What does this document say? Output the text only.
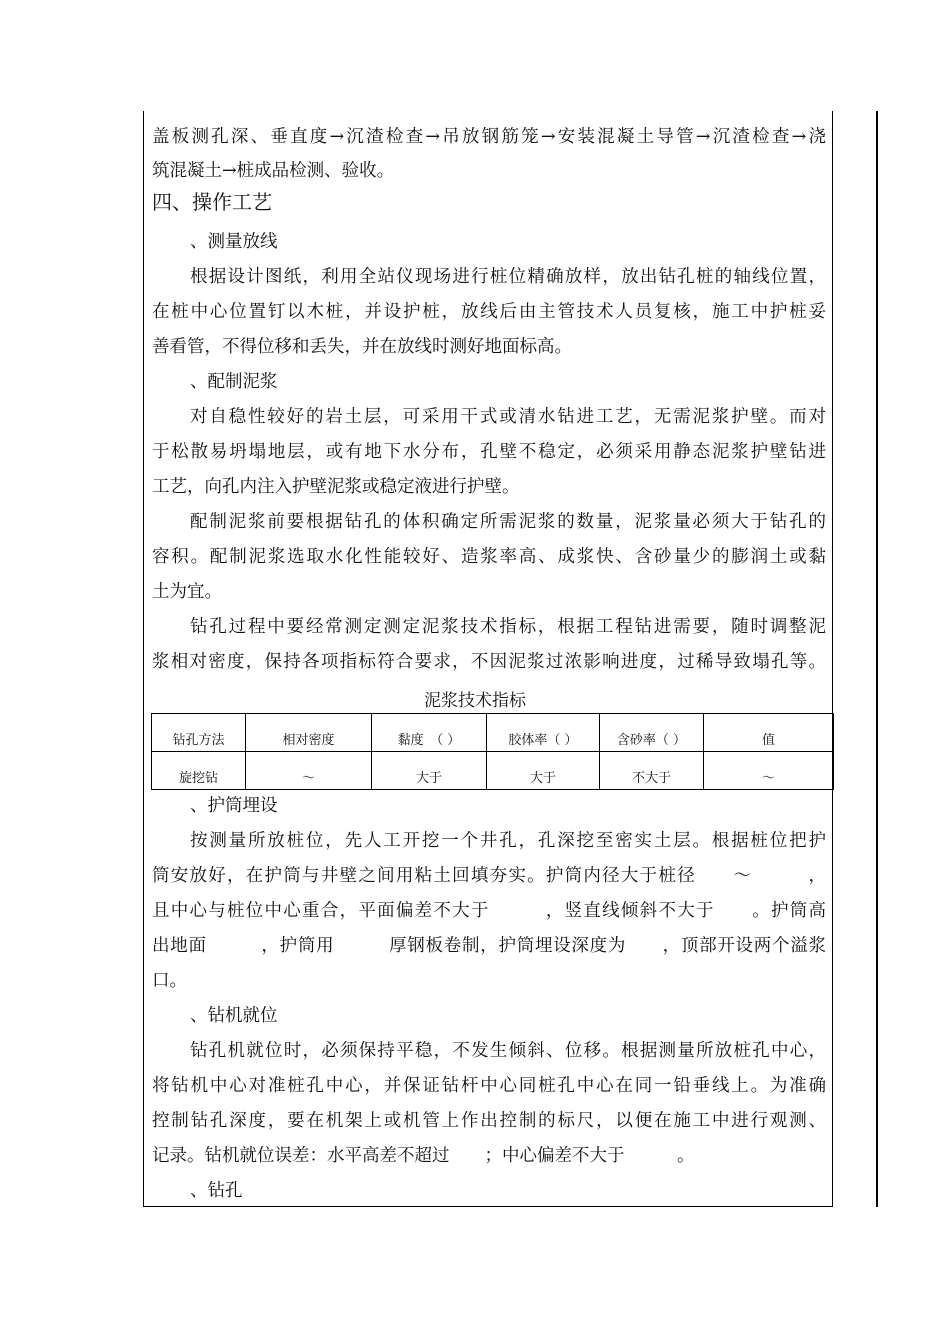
盖板测孔深、垂直度→沉渣检查→吊放钢筋笼→安装混凝土导管→沉渣检查→浇
筑混凝土→桩成品检测、验收。
四、操作工艺
、测量放线
根据设计图纸，利用全站仪现场进行桩位精确放样，放出钻孔桩的轴线位置，
在桩中心位置钉以木桩，并设护桩，放线后由主管技术人员复核，施工中护桩妥
善看管，不得位移和丢失，并在放线时测好地面标高。
、配制泥浆
对自稳性较好的岩土层，可采用干式或清水钻进工艺，无需泥浆护壁。而对
于松散易坍塌地层，或有地下水分布，孔壁不稳定，必须采用静态泥浆护壁钻进
工艺，向孔内注入护壁泥浆或稳定液进行护壁。
配制泥浆前要根据钻孔的体积确定所需泥浆的数量，泥浆量必须大于钻孔的
容积。配制泥浆选取水化性能较好、造浆率高、成浆快、含砂量少的膨润土或黏
土为宜。
钻孔过程中要经常测定测定泥浆技术指标，根据工程钻进需要，随时调整泥
浆相对密度，保持各项指标符合要求，不因泥浆过浓影响进度，过稀导致塌孔等。
泥浆技术指标
钻孔方法	相对密度	黏度　（ ）	胶体率（ ）	含砂率（ ）	值
旋挖钻	～	大于	大于	不大于	～
、护筒埋设
按测量所放桩位，先人工开挖一个井孔，孔深挖至密实土层。根据桩位把护
筒安放好，在护筒与井壁之间用粘土回填夯实。护筒内径大于桩径　　～　　　，
且中心与桩位中心重合，平面偏差不大于　　　，竖直线倾斜不大于　　。护筒高
出地面　　　，护筒用　　　厚钢板卷制，护筒埋设深度为　　，顶部开设两个溢浆
口。
、钻机就位
钻孔机就位时，必须保持平稳，不发生倾斜、位移。根据测量所放桩孔中心，
将钻机中心对准桩孔中心，并保证钻杆中心同桩孔中心在同一铅垂线上。为准确
控制钻孔深度，要在机架上或机管上作出控制的标尺，以便在施工中进行观测、
记录。钻机就位误差：水平高差不超过　　；中心偏差不大于　　　。
、钻孔
